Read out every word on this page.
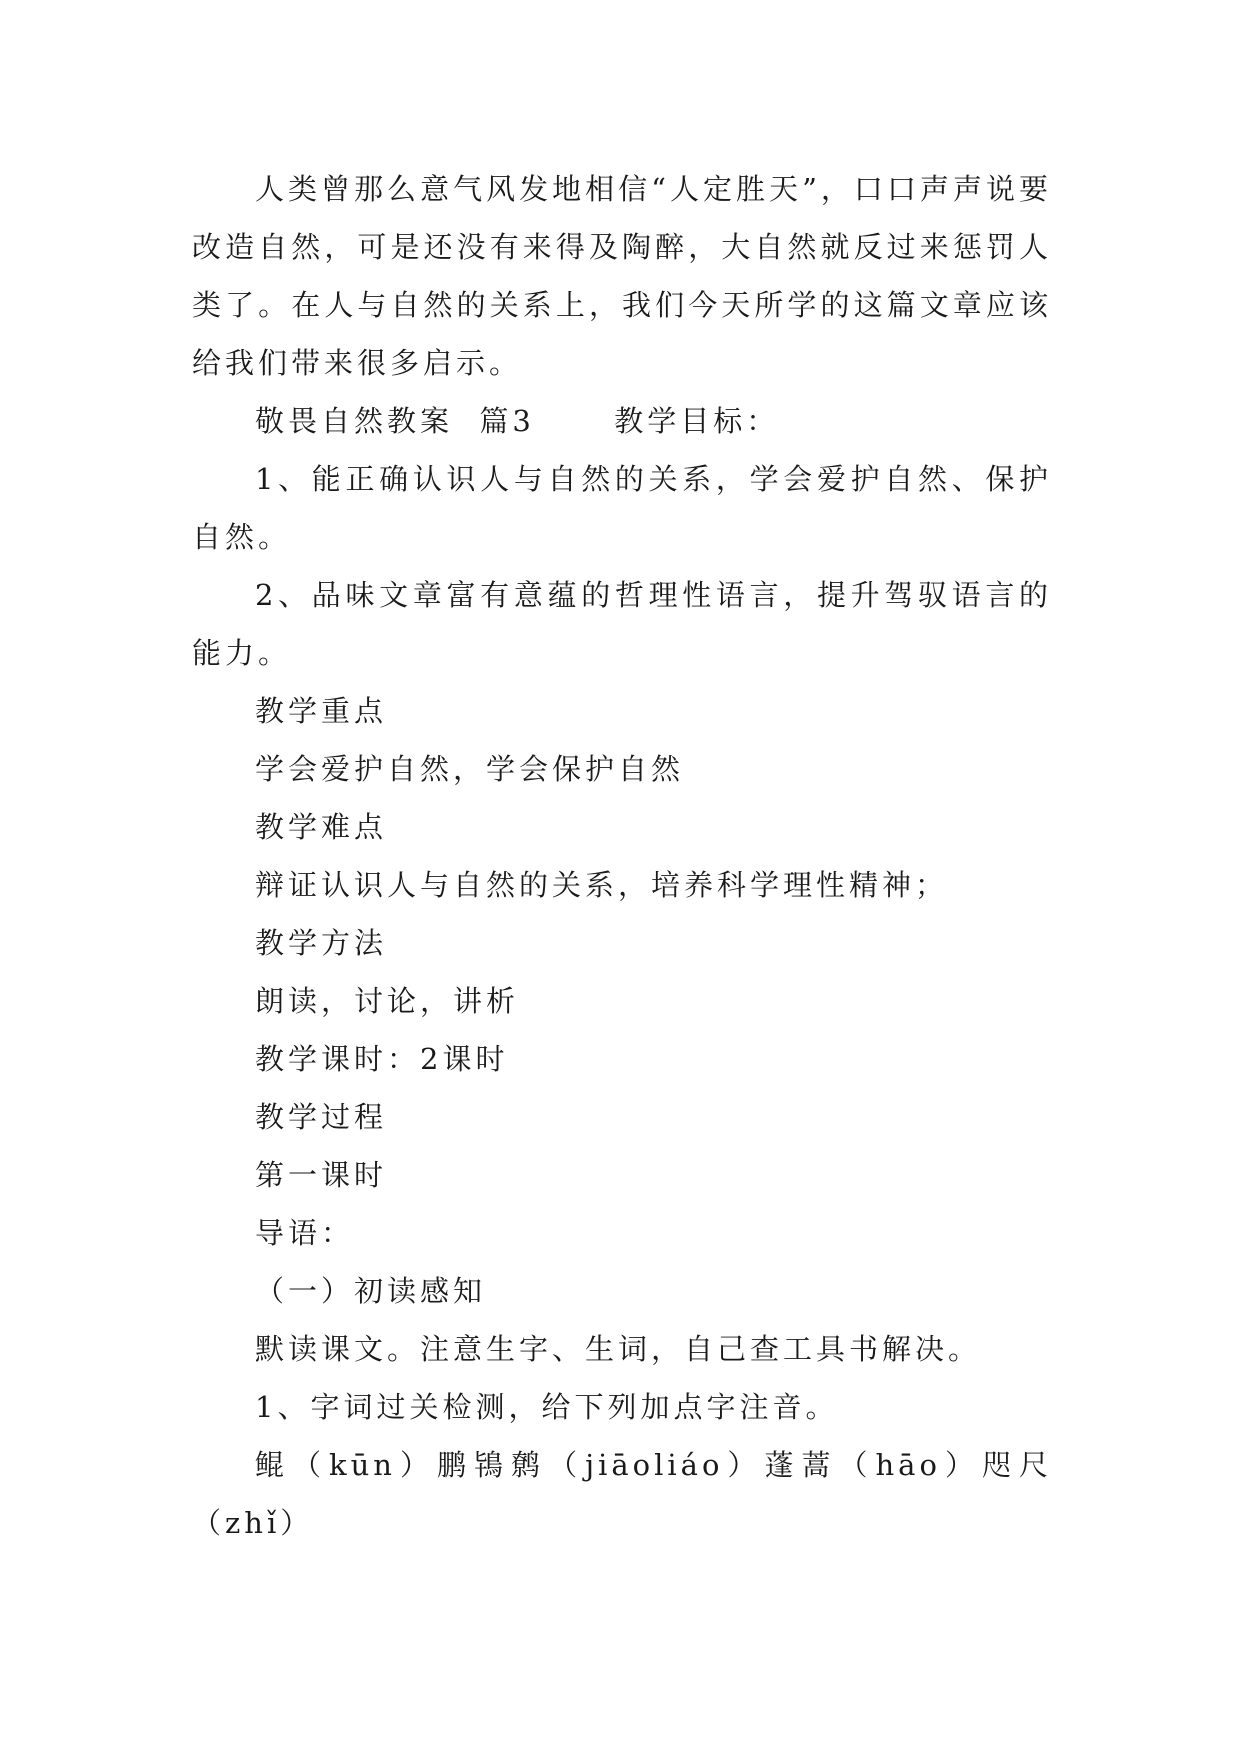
人类曾那么意气风发地相信“人定胜天”，口口声声说要改造自然，可是还没有来得及陶醉，大自然就反过来惩罚人类了。在人与自然的关系上，我们今天所学的这篇文章应该给我们带来很多启示。

敬畏自然教案  篇3      教学目标：

1、能正确认识人与自然的关系，学会爱护自然、保护自然。

2、品味文章富有意蕴的哲理性语言，提升驾驭语言的能力。

教学重点

学会爱护自然，学会保护自然

教学难点

辩证认识人与自然的关系，培养科学理性精神；

教学方法

朗读，讨论，讲析

教学课时：2课时

教学过程

第一课时

导语：

（一）初读感知

默读课文。注意生字、生词，自己查工具书解决。

1、字词过关检测，给下列加点字注音。

鲲（kūn）鹏鴇鹩（jiāoliáo）蓬蒿（hāo）咫尺（zhǐ）
